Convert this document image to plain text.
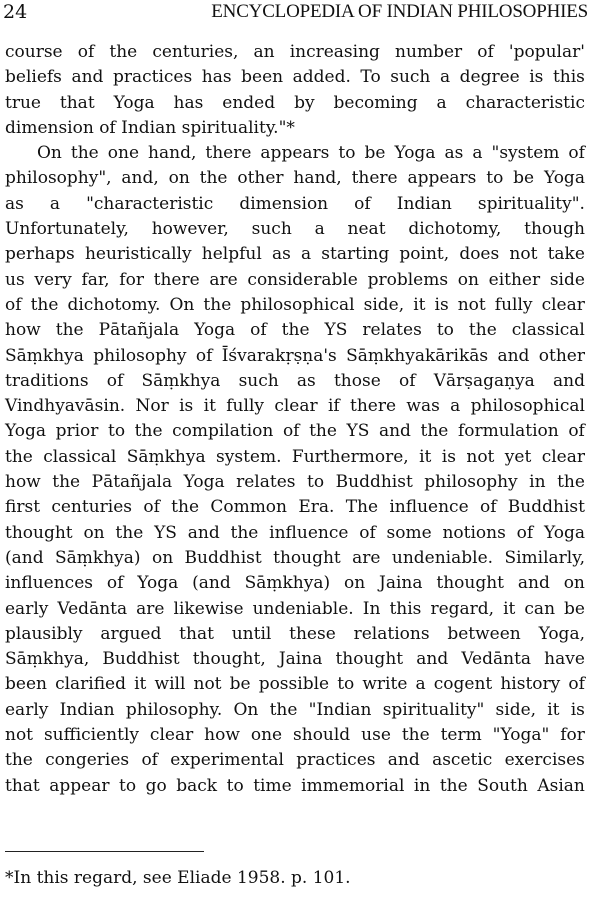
24	ENCYCLOPEDIA OF INDIAN PHILOSOPHIES
course of the centuries, an increasing number of 'popular'
beliefs and practices has been added. To such a degree is this
true that Yoga has ended by becoming a characteristic
dimension of Indian spirituality."*
On the one hand, there appears to be Yoga as a "system of
philosophy", and, on the other hand, there appears to be Yoga
as a "characteristic dimension of Indian spirituality".
Unfortunately, however, such a neat dichotomy, though
perhaps heuristically helpful as a starting point, does not take
us very far, for there are considerable problems on either side
of the dichotomy. On the philosophical side, it is not fully clear
how the Pātañjala Yoga of the YS relates to the classical
Sāṃkhya philosophy of Īśvarakṛṣṇa's Sāṃkhyakārikās and other
traditions of Sāṃkhya such as those of Vārṣagaṇya and
Vindhyavāsin. Nor is it fully clear if there was a philosophical
Yoga prior to the compilation of the YS and the formulation of
the classical Sāṃkhya system. Furthermore, it is not yet clear
how the Pātañjala Yoga relates to Buddhist philosophy in the
first centuries of the Common Era. The influence of Buddhist
thought on the YS and the influence of some notions of Yoga
(and Sāṃkhya) on Buddhist thought are undeniable. Similarly,
influences of Yoga (and Sāṃkhya) on Jaina thought and on
early Vedānta are likewise undeniable. In this regard, it can be
plausibly argued that until these relations between Yoga,
Sāṃkhya, Buddhist thought, Jaina thought and Vedānta have
been clarified it will not be possible to write a cogent history of
early Indian philosophy. On the "Indian spirituality" side, it is
not sufficiently clear how one should use the term "Yoga" for
the congeries of experimental practices and ascetic exercises
that appear to go back to time immemorial in the South Asian
*In this regard, see Eliade 1958. p. 101.
